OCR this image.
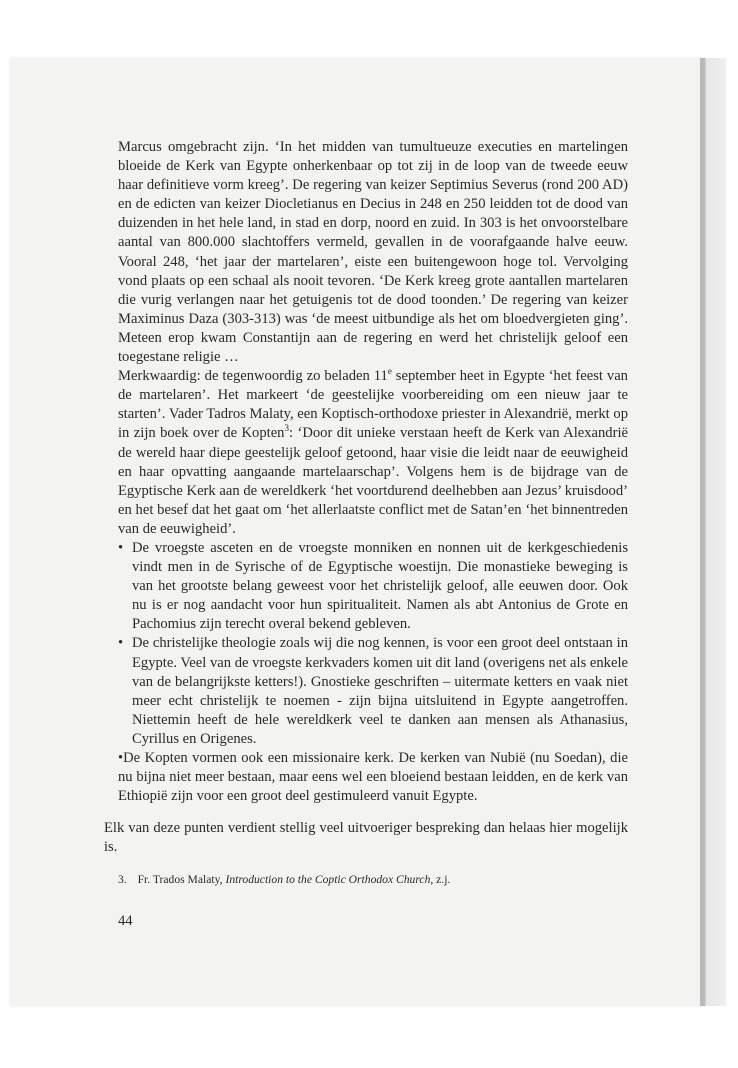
Marcus omgebracht zijn. ‘In het midden van tumultueuze executies en martelingen bloeide de Kerk van Egypte onherkenbaar op tot zij in de loop van de tweede eeuw haar definitieve vorm kreeg’. De regering van keizer Septimius Severus (rond 200 AD) en de edicten van keizer Diocletianus en Decius in 248 en 250 leidden tot de dood van duizenden in het hele land, in stad en dorp, noord en zuid. In 303 is het onvoorstelbare aantal van 800.000 slachtoffers vermeld, gevallen in de voorafgaande halve eeuw. Vooral 248, ‘het jaar der martelaren’, eiste een buitengewoon hoge tol. Vervolging vond plaats op een schaal als nooit tevoren. ‘De Kerk kreeg grote aantallen martelaren die vurig verlangen naar het getuigenis tot de dood toonden.’ De regering van keizer Maximinus Daza (303-313) was ‘de meest uitbundige als het om bloedvergieten ging’. Meteen erop kwam Constantijn aan de regering en werd het christelijk geloof een toegestane religie …

Merkwaardig: de tegenwoordig zo beladen 11e september heet in Egypte ‘het feest van de martelaren’. Het markeert ‘de geestelijke voorbereiding om een nieuw jaar te starten’. Vader Tadros Malaty, een Koptisch-orthodoxe priester in Alexandrië, merkt op in zijn boek over de Kopten$^3$: ‘Door dit unieke verstaan heeft de Kerk van Alexandrië de wereld haar diepe geestelijk geloof getoond, haar visie die leidt naar de eeuwigheid en haar opvatting aangaande martelaarschap’. Volgens hem is de bijdrage van de Egyptische Kerk aan de wereldkerk ‘het voortdurend deelhebben aan Jezus’ kruisdood’ en het besef dat het gaat om ‘het allerlaatste conflict met de Satan’en ‘het binnentreden van de eeuwigheid’.

• De vroegste asceten en de vroegste monniken en nonnen uit de kerkgeschiedenis vindt men in de Syrische of de Egyptische woestijn. Die monastieke beweging is van het grootste belang geweest voor het christelijk geloof, alle eeuwen door. Ook nu is er nog aandacht voor hun spiritualiteit. Namen als abt Antonius de Grote en Pachomius zijn terecht overal bekend gebleven.

• De christelijke theologie zoals wij die nog kennen, is voor een groot deel ontstaan in Egypte. Veel van de vroegste kerkvaders komen uit dit land (overigens net als enkele van de belangrijkste ketters!). Gnostieke geschriften – uitermate ketters en vaak niet meer echt christelijk te noemen - zijn bijna uitsluitend in Egypte aangetroffen. Niettemin heeft de hele wereldkerk veel te danken aan mensen als Athanasius, Cyrillus en Origenes.

•De Kopten vormen ook een missionaire kerk. De kerken van Nubië (nu Soedan), die nu bijna niet meer bestaan, maar eens wel een bloeiend bestaan leidden, en de kerk van Ethiopië zijn voor een groot deel gestimuleerd vanuit Egypte.

Elk van deze punten verdient stellig veel uitvoeriger bespreking dan helaas hier mogelijk is.

3. Fr. Trados Malaty, Introduction to the Coptic Orthodox Church, z.j.
44
